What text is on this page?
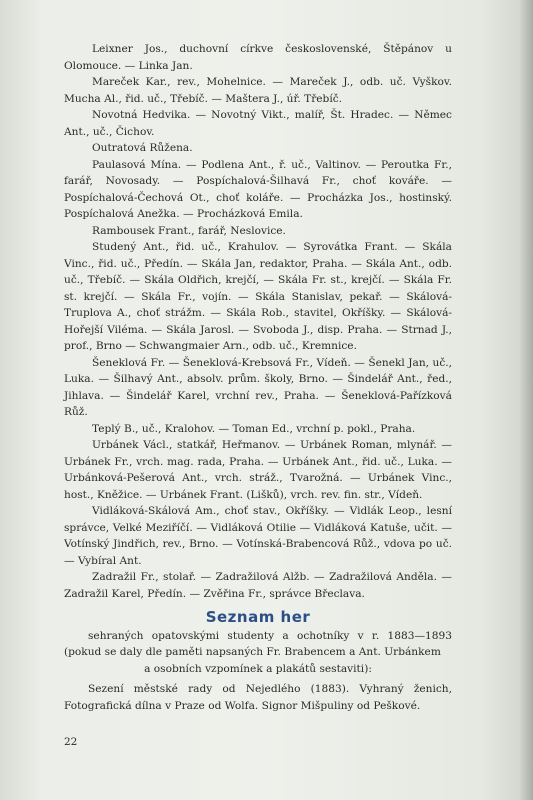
Leixner Jos., duchovní církve československé, Štěpánov u Olomouce. — Linka Jan.

Mareček Kar., rev., Mohelnice. — Mareček J., odb. uč. Vyškov. Mucha Al., řid. uč., Třebíč. — Maštera J., úř. Třebíč.

Novotná Hedvika. — Novotný Vikt., malíř, Št. Hradec. — Němec Ant., uč., Čichov.

Outratová Růžena.

Paulasová Mína. — Podlena Ant., ř. uč., Valtinov. — Peroutka Fr., farář, Novosady. — Pospíchalová-Šilhavá Fr., choť kováře. — Pospíchalová-Čechová Ot., choť koláře. — Procházka Jos., hostinský. Pospíchalová Anežka. — Procházková Emila.

Rambousek Frant., farář, Neslovice.

Studený Ant., řid. uč., Krahulov. — Syrovátka Frant. — Skála Vinc., řid. uč., Předín. — Skála Jan, redaktor, Praha. — Skála Ant., odb. uč., Třebíč. — Skála Oldřich, krejčí, — Skála Fr. st., krejčí. — Skála Fr. st. krejčí. — Skála Fr., vojín. — Skála Stanislav, pekař. — Skálová-Truplova A., choť strážm. — Skála Rob., stavitel, Okříšky. — Skálová-Hořejší Viléma. — Skála Jarosl. — Svoboda J., disp. Praha. — Strnad J., prof., Brno — Schwangmaier Arn., odb. uč., Kremnice.

Šeneklová Fr. — Šeneklová-Krebsová Fr., Vídeň. — Šenekl Jan, uč., Luka. — Šilhavý Ant., absolv. prům. školy, Brno. — Šindelář Ant., řed., Jihlava. — Šindelář Karel, vrchní rev., Praha. — Šeneklová-Pařízková Růž.

Teplý B., uč., Kralohov. — Toman Ed., vrchní p. pokl., Praha.

Urbánek Václ., statkář, Heřmanov. — Urbánek Roman, mlynář. — Urbánek Fr., vrch. mag. rada, Praha. — Urbánek Ant., řid. uč., Luka. — Urbánková-Pešerová Ant., vrch. stráž., Tvarožná. — Urbánek Vinc., host., Kněžice. — Urbánek Frant. (Lišků), vrch. rev. fin. str., Vídeň.

Vidláková-Skálová Am., choť stav., Okříšky. — Vidlák Leop., lesní správce, Velké Meziříčí. — Vidláková Otilie — Vidláková Katuše, učit. — Votínský Jindřich, rev., Brno. — Votínská-Brabencová Růž., vdova po uč. — Vybíral Ant.

Zadražil Fr., stolař. — Zadražilová Alžb. — Zadražilová Anděla. — Zadražil Karel, Předín. — Zvěřina Fr., správce Břeclava.

Seznam her

sehraných opatovskými studenty a ochotníky v r. 1883—1893 (pokud se daly dle paměti napsaných Fr. Brabencem a Ant. Urbánkem

a osobních vzpomínek a plakátů sestaviti):

Sezení městské rady od Nejedlého (1883). Vyhraný ženich, Fotografická dílna v Praze od Wolfa. Signor Mišpuliny od Peškové.

22
